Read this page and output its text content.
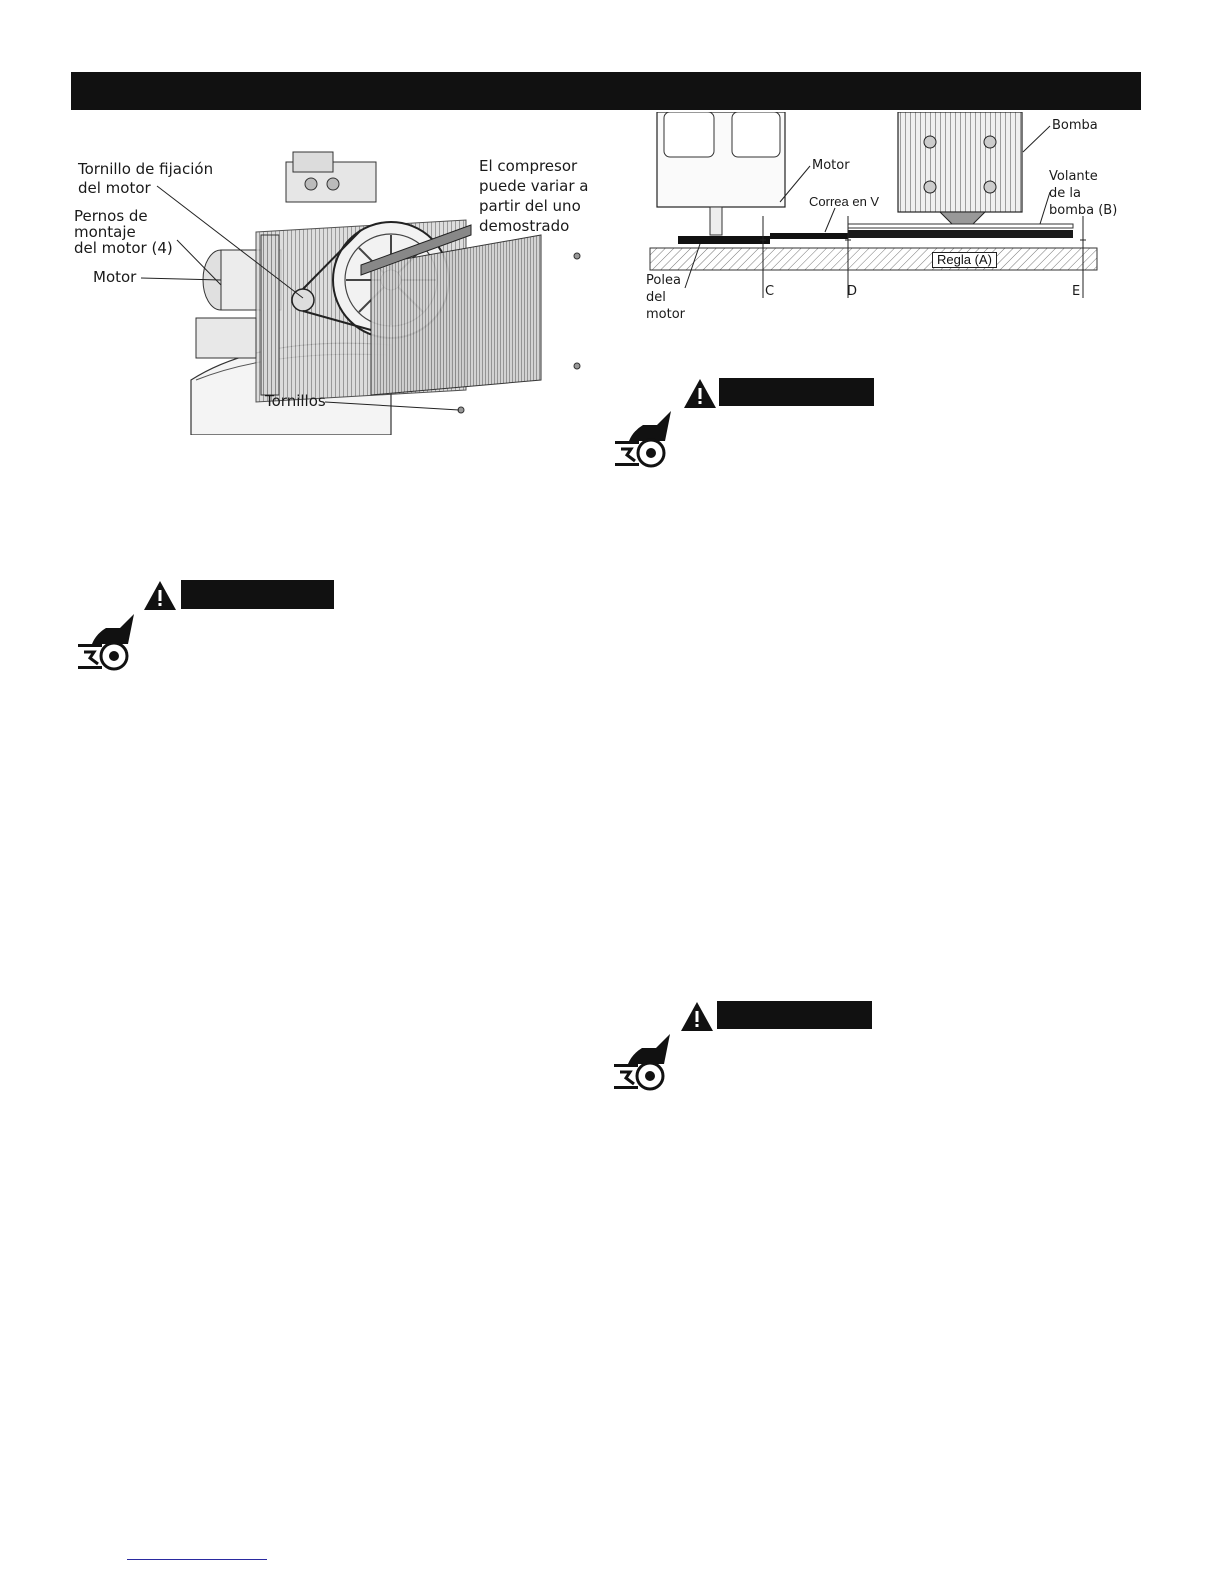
Tornillo de fijación
del motor
Pernos de
montaje
del motor (4)
Motor
El compresor
puede variar a
partir del uno
demostrado
Tornillos
Motor
Bomba
Correa en V
Volante
de la
bomba (B)
Regla (A)
Polea
del
motor
C	D	E
